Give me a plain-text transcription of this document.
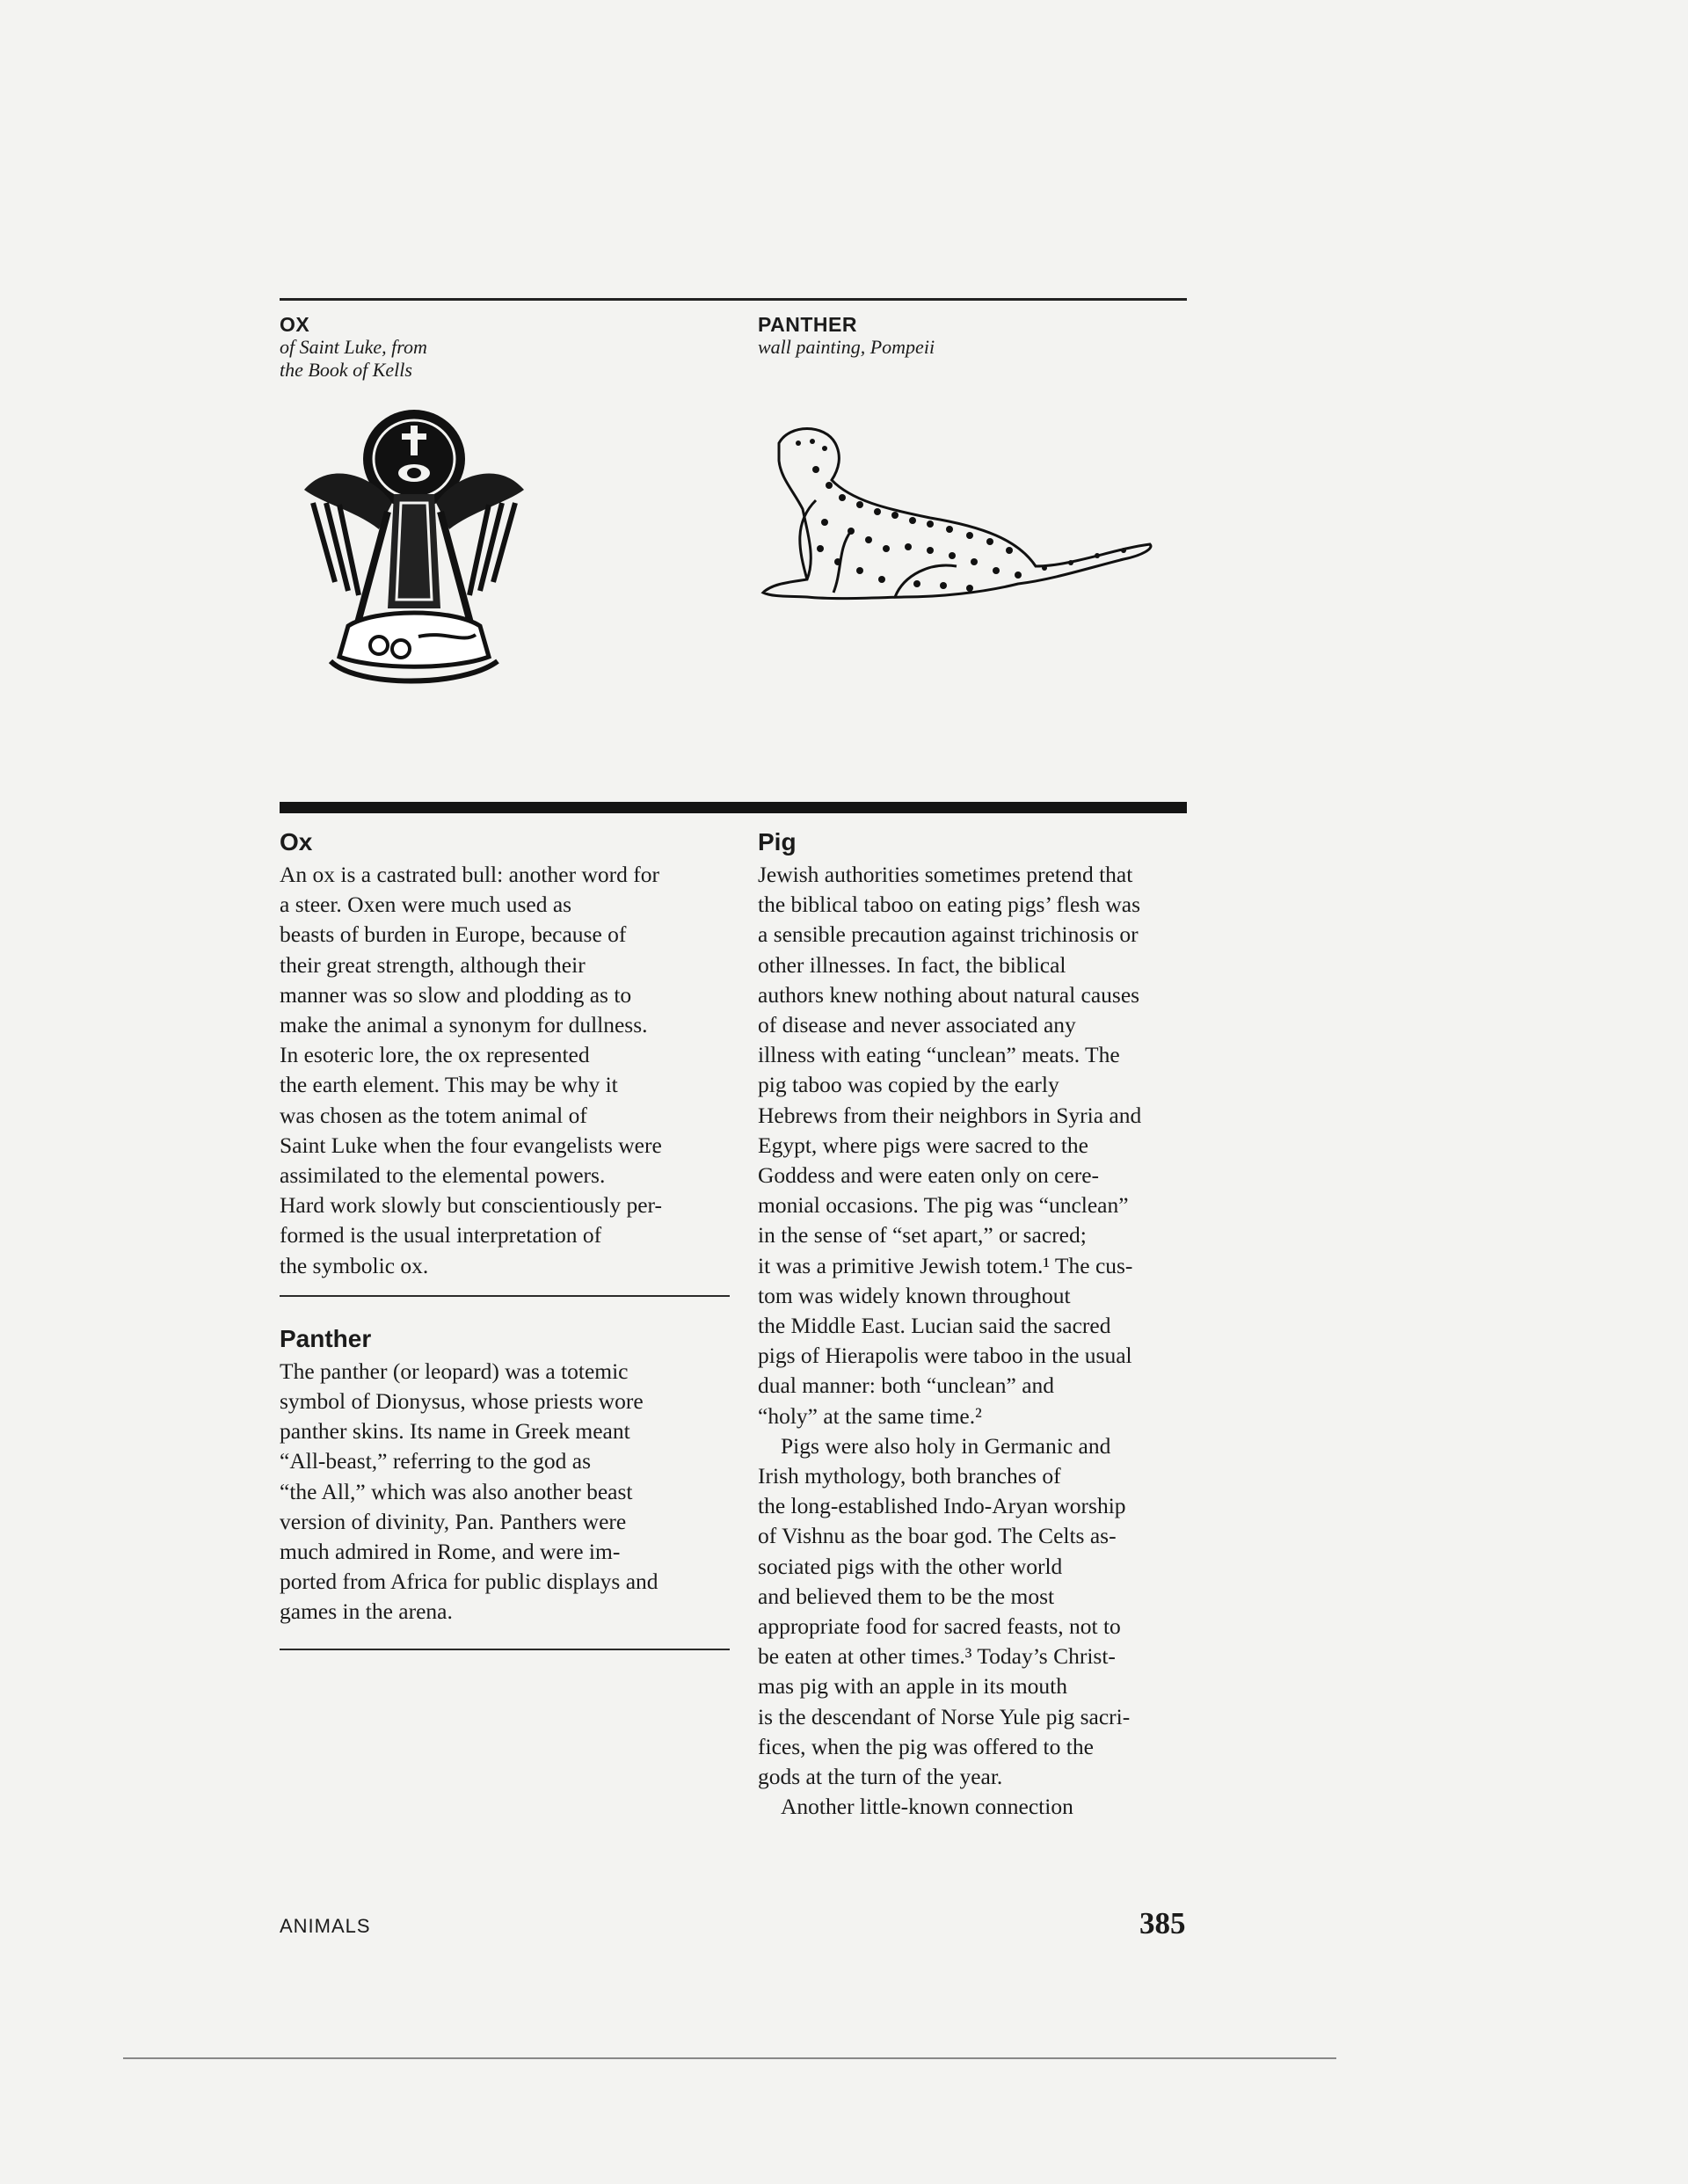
OX
of Saint Luke, from
the Book of Kells
PANTHER
wall painting, Pompeii
Ox

An ox is a castrated bull: another word for

a steer. Oxen were much used as

beasts of burden in Europe, because of

their great strength, although their

manner was so slow and plodding as to

make the animal a synonym for dullness.

In esoteric lore, the ox represented

the earth element. This may be why it

was chosen as the totem animal of

Saint Luke when the four evangelists were

assimilated to the elemental powers.

Hard work slowly but conscientiously per-

formed is the usual interpretation of

the symbolic ox.

Panther

The panther (or leopard) was a totemic

symbol of Dionysus, whose priests wore

panther skins. Its name in Greek meant

“All-beast,” referring to the god as

“the All,” which was also another beast

version of divinity, Pan. Panthers were

much admired in Rome, and were im-

ported from Africa for public displays and

games in the arena.

Pig

Jewish authorities sometimes pretend that

the biblical taboo on eating pigs’ flesh was

a sensible precaution against trichinosis or

other illnesses. In fact, the biblical

authors knew nothing about natural causes

of disease and never associated any

illness with eating “unclean” meats. The

pig taboo was copied by the early

Hebrews from their neighbors in Syria and

Egypt, where pigs were sacred to the

Goddess and were eaten only on cere-

monial occasions. The pig was “unclean”

in the sense of “set apart,” or sacred;

it was a primitive Jewish totem.¹ The cus-

tom was widely known throughout

the Middle East. Lucian said the sacred

pigs of Hierapolis were taboo in the usual

dual manner: both “unclean” and

“holy” at the same time.²

Pigs were also holy in Germanic and

Irish mythology, both branches of

the long-established Indo-Aryan worship

of Vishnu as the boar god. The Celts as-

sociated pigs with the other world

and believed them to be the most

appropriate food for sacred feasts, not to

be eaten at other times.³ Today’s Christ-

mas pig with an apple in its mouth

is the descendant of Norse Yule pig sacri-

fices, when the pig was offered to the

gods at the turn of the year.

Another little-known connection

ANIMALS	385
